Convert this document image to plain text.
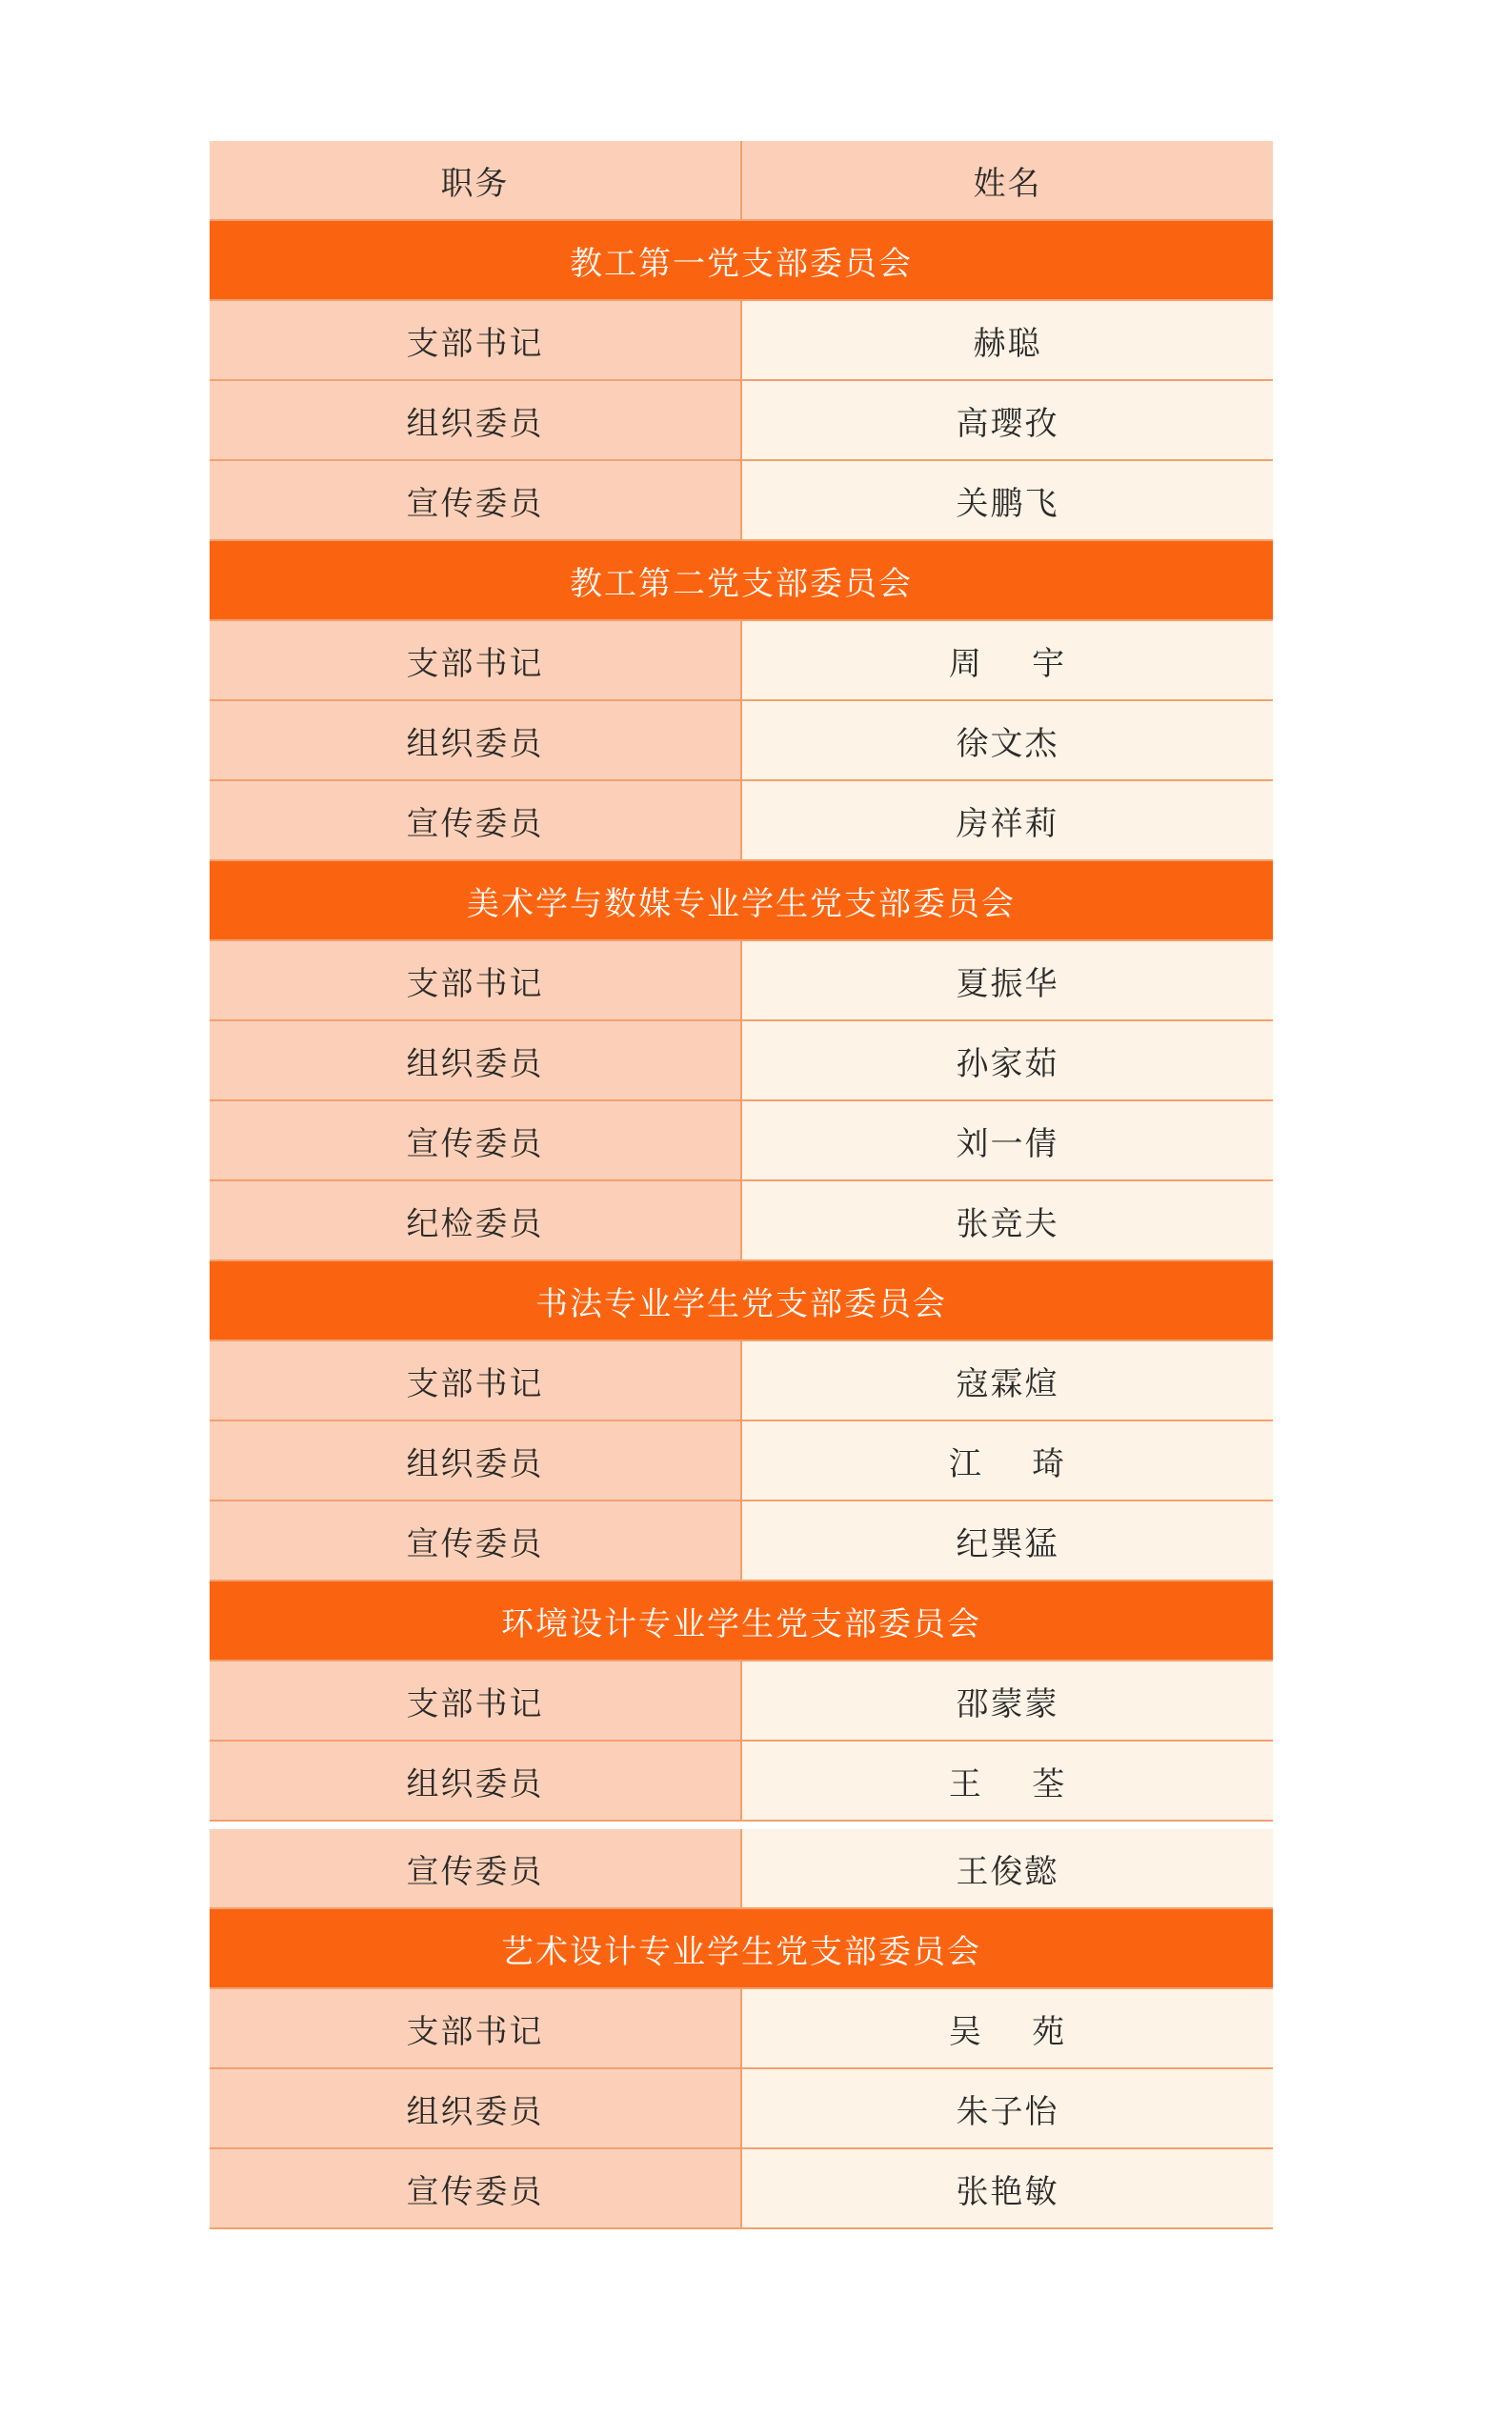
职务	姓名
教工第一党支部委员会
支部书记	赫聪
组织委员	高璎孜
宣传委员	关鹏飞
教工第二党支部委员会
支部书记	周    宇
组织委员	徐文杰
宣传委员	房祥莉
美术学与数媒专业学生党支部委员会
支部书记	夏振华
组织委员	孙家茹
宣传委员	刘一倩
纪检委员	张竞夫
书法专业学生党支部委员会
支部书记	寇霖煊
组织委员	江    琦
宣传委员	纪巽猛
环境设计专业学生党支部委员会
支部书记	邵蒙蒙
组织委员	王    荃
宣传委员	王俊懿
艺术设计专业学生党支部委员会
支部书记	吴    苑
组织委员	朱子怡
宣传委员	张艳敏
